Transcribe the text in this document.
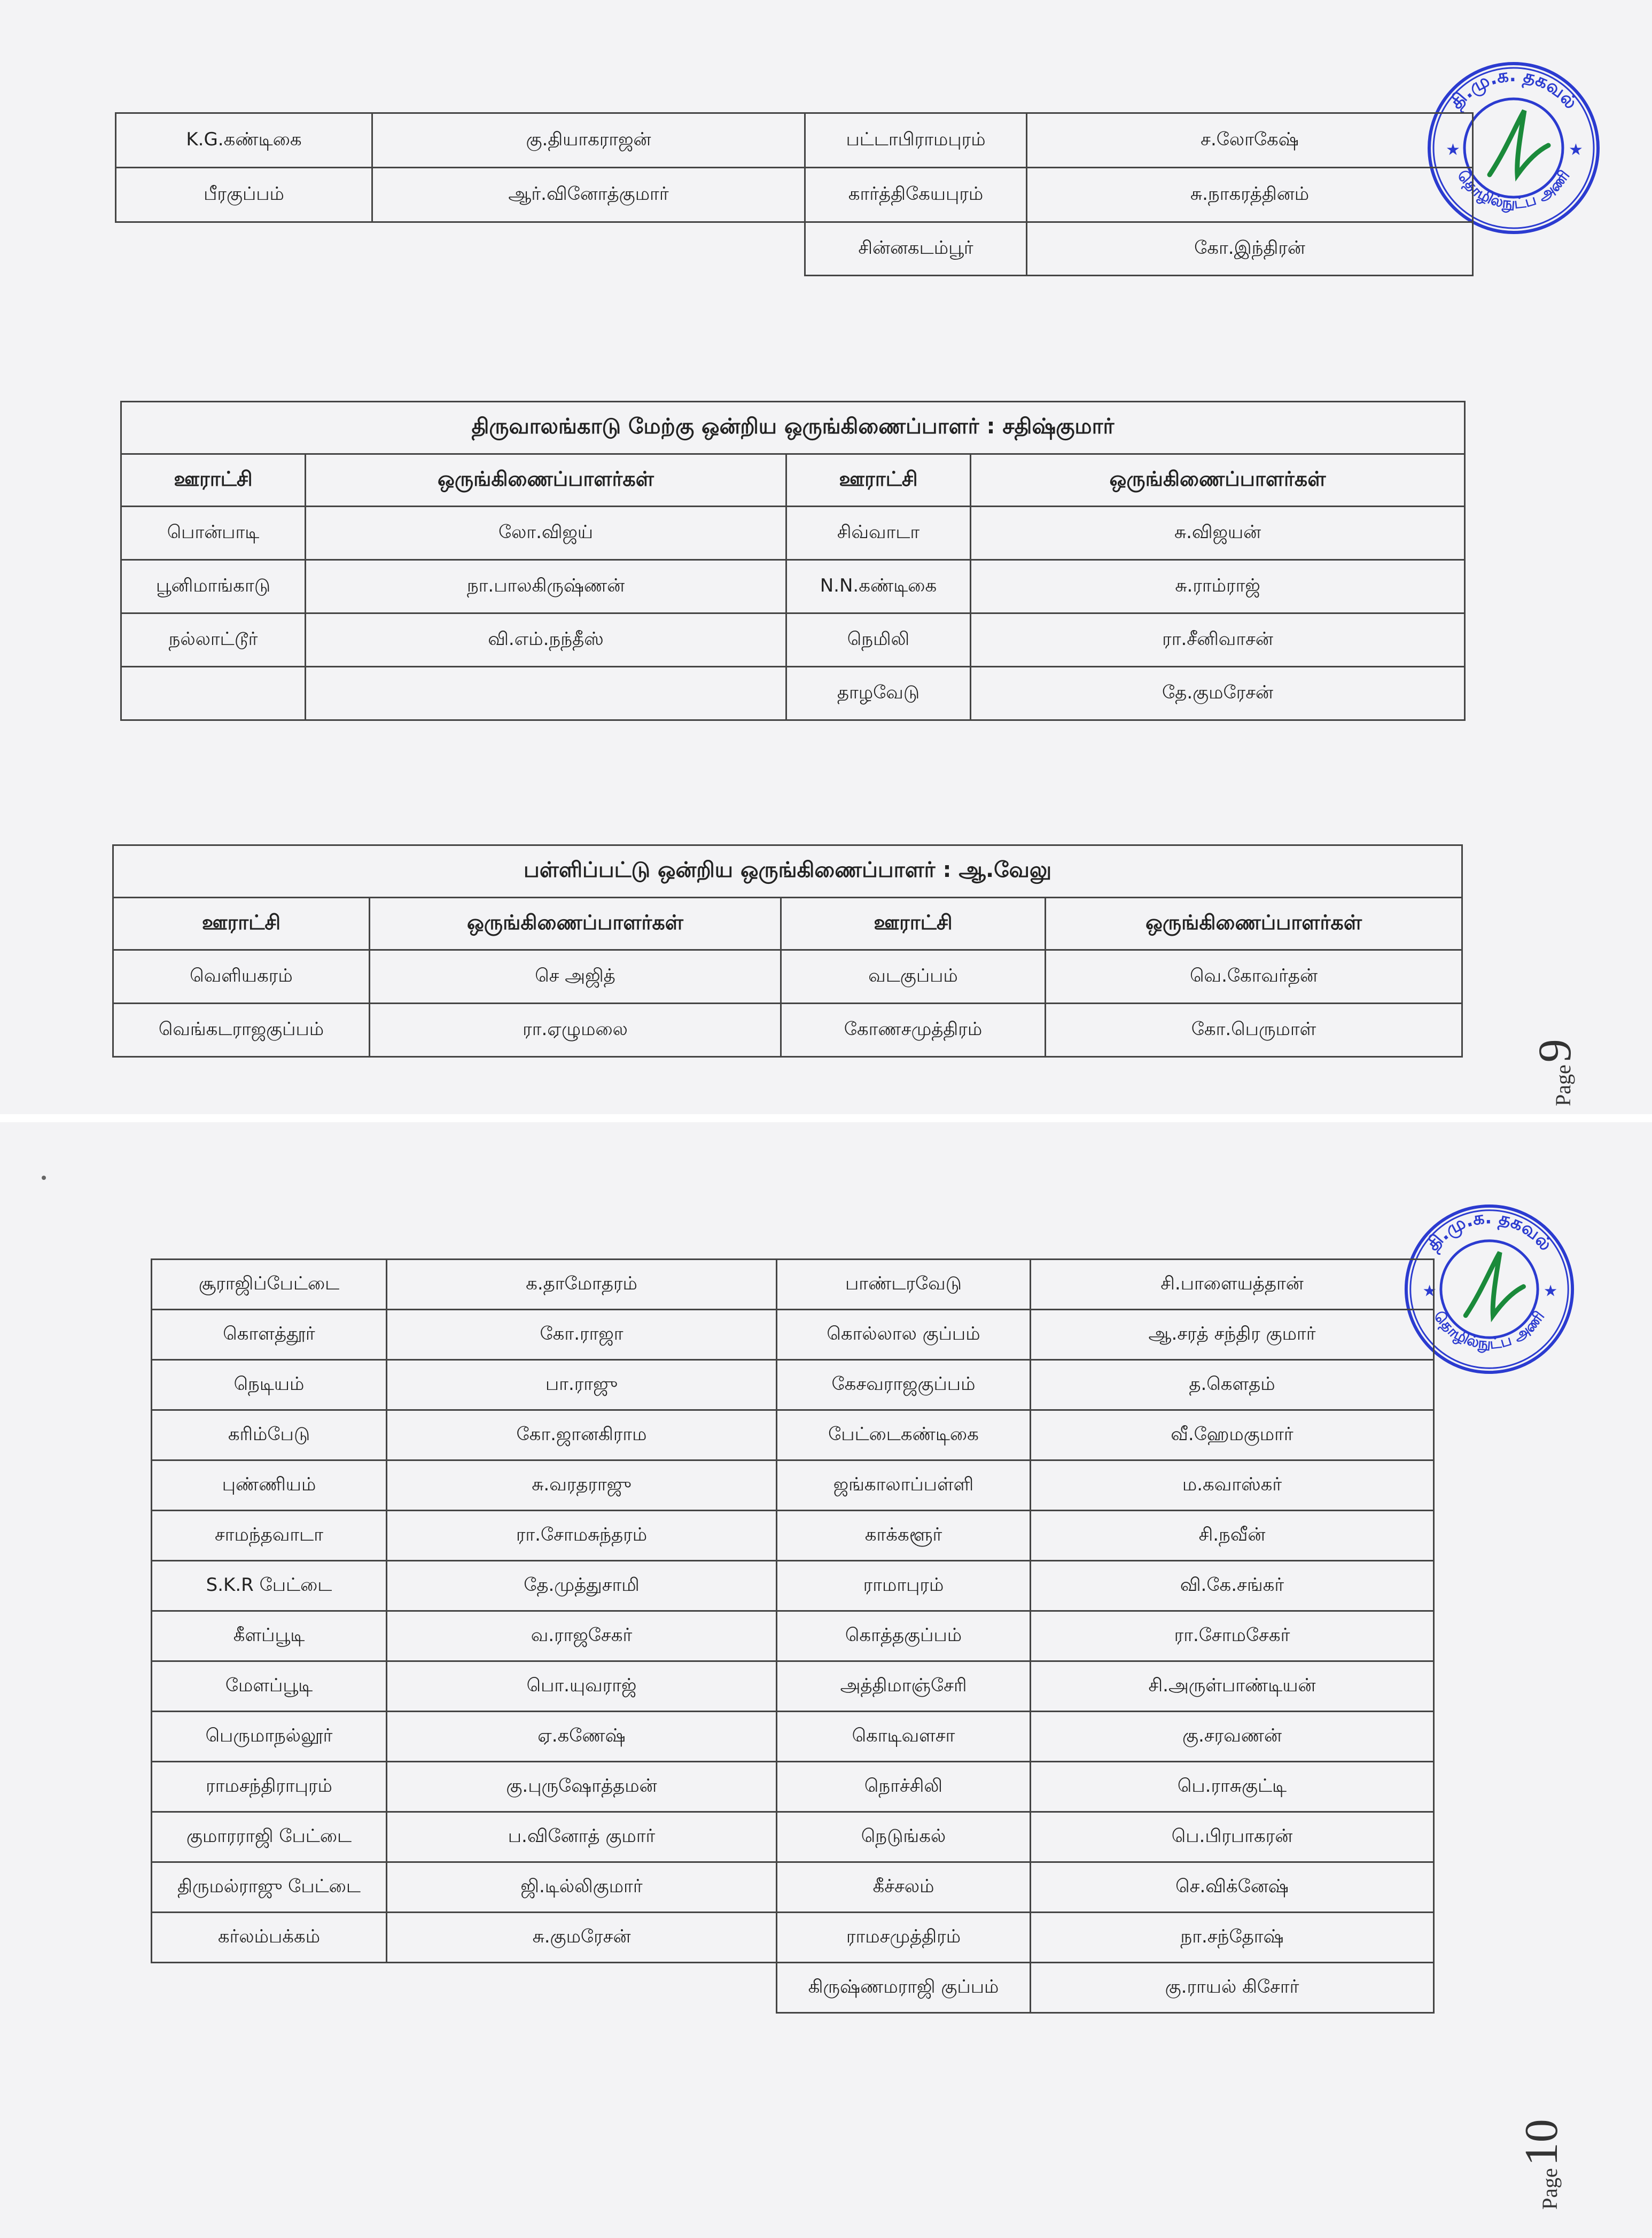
தி.மு.க. தகவல்
தொழில்நுட்ப அணி
★	★
K.G.கண்டிகை	கு.தியாகராஜன்	பட்டாபிராமபுரம்	ச.லோகேஷ்
பீரகுப்பம்	ஆர்.வினோத்குமார்	கார்த்திகேயபுரம்	சு.நாகரத்தினம்
		சின்னகடம்பூர்	கோ.இந்திரன்
திருவாலங்காடு மேற்கு ஒன்றிய ஒருங்கிணைப்பாளர் : சதிஷ்குமார்			
ஊராட்சி	ஒருங்கிணைப்பாளர்கள்	ஊராட்சி	ஒருங்கிணைப்பாளர்கள்
பொன்பாடி	லோ.விஜய்	சிவ்வாடா	சு.விஜயன்
பூனிமாங்காடு	நா.பாலகிருஷ்ணன்	N.N.கண்டிகை	சு.ராம்ராஜ்
நல்லாட்டூர்	வி.எம்.நந்தீஸ்	நெமிலி	ரா.சீனிவாசன்
		தாழவேடு	தே.குமரேசன்
பள்ளிப்பட்டு ஒன்றிய ஒருங்கிணைப்பாளர் : ஆ.வேலு			
ஊராட்சி	ஒருங்கிணைப்பாளர்கள்	ஊராட்சி	ஒருங்கிணைப்பாளர்கள்
வெளியகரம்	செ அஜித்	வடகுப்பம்	வெ.கோவர்தன்
வெங்கடராஜகுப்பம்	ரா.ஏழுமலை	கோணசமுத்திரம்	கோ.பெருமாள்
Page 9
தி.மு.க. தகவல்
தொழில்நுட்ப அணி
★	★
சூராஜிப்பேட்டை	க.தாமோதரம்	பாண்டரவேடு	சி.பாளையத்தான்
கொளத்தூர்	கோ.ராஜா	கொல்லால குப்பம்	ஆ.சரத் சந்திர குமார்
நெடியம்	பா.ராஜு	கேசவராஜகுப்பம்	த.கௌதம்
கரிம்பேடு	கோ.ஜானகிராம	பேட்டைகண்டிகை	வீ.ஹேமகுமார்
புண்ணியம்	சு.வரதராஜு	ஜங்காலாப்பள்ளி	ம.கவாஸ்கர்
சாமந்தவாடா	ரா.சோமசுந்தரம்	காக்களூர்	சி.நவீன்
S.K.R பேட்டை	தே.முத்துசாமி	ராமாபுரம்	வி.கே.சங்கர்
கீளப்பூடி	வ.ராஜசேகர்	கொத்தகுப்பம்	ரா.சோமசேகர்
மேளப்பூடி	பொ.யுவராஜ்	அத்திமாஞ்சேரி	சி.அருள்பாண்டியன்
பெருமாநல்லூர்	ஏ.கணேஷ்	கொடிவளசா	கு.சரவணன்
ராமசந்திராபுரம்	கு.புருஷோத்தமன்	நொச்சிலி	பெ.ராசுகுட்டி
குமாரராஜி பேட்டை	ப.வினோத் குமார்	நெடுங்கல்	பெ.பிரபாகரன்
திருமல்ராஜு பேட்டை	ஜி.டில்லிகுமார்	கீச்சலம்	செ.விக்னேஷ்
கர்லம்பக்கம்	சு.குமரேசன்	ராமசமுத்திரம்	நா.சந்தோஷ்
		கிருஷ்ணமராஜி குப்பம்	கு.ராயல் கிசோர்
Page 10
